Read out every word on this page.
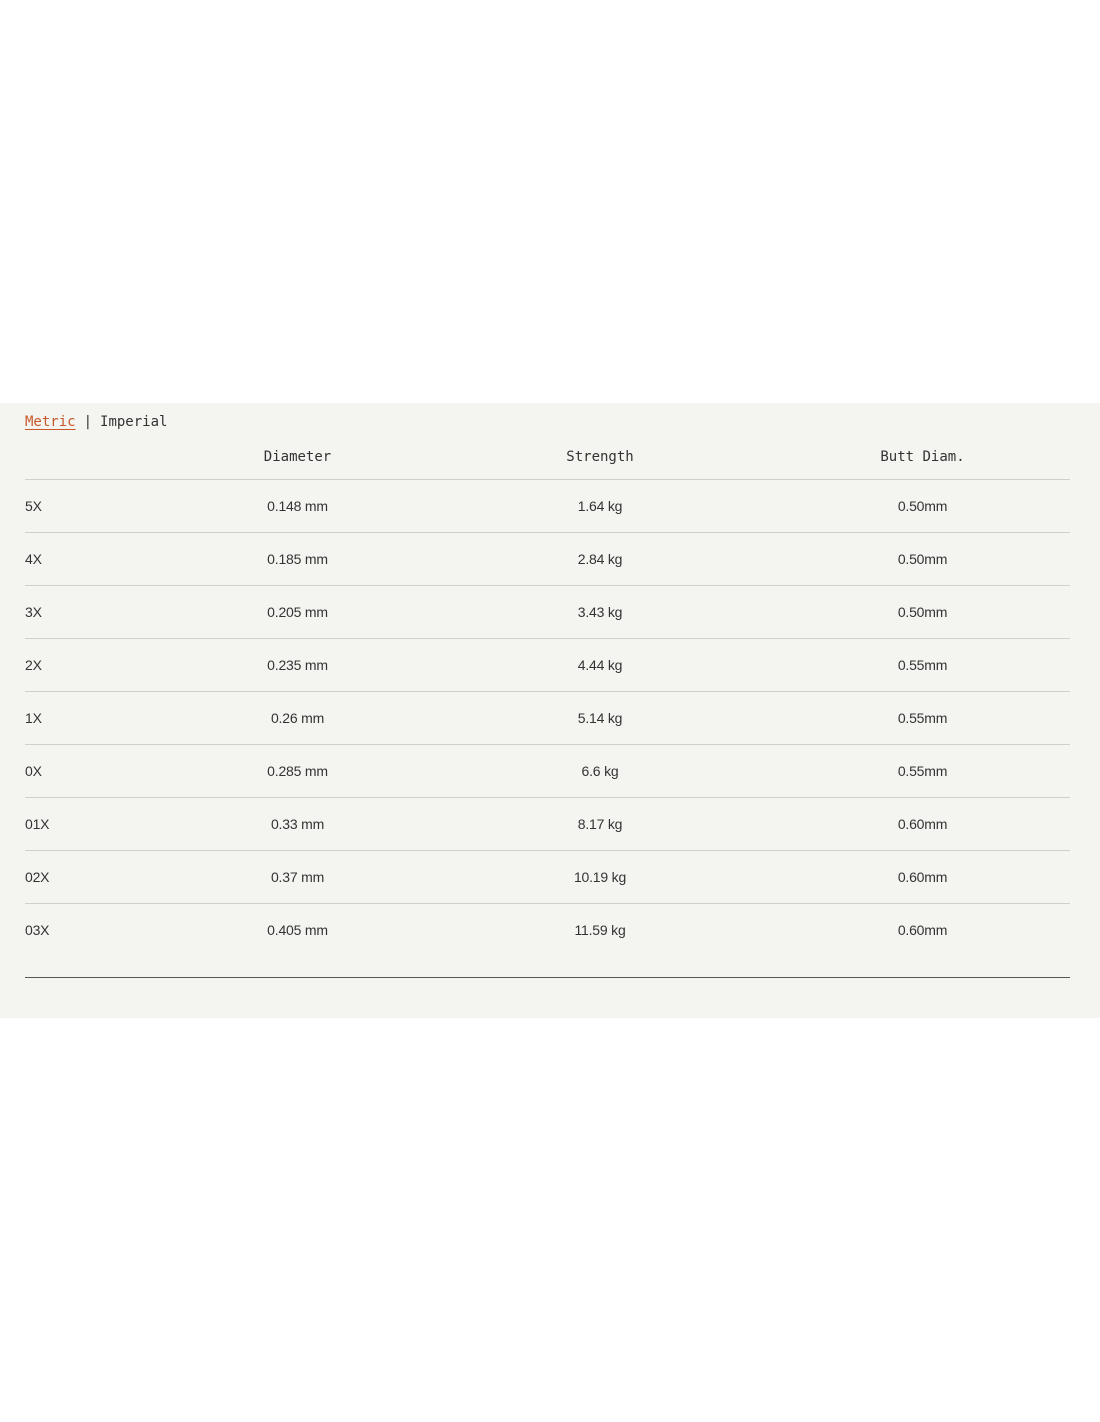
Metric | Imperial
	Diameter	Strength	Butt Diam.
5X	0.148 mm	1.64 kg	0.50mm
4X	0.185 mm	2.84 kg	0.50mm
3X	0.205 mm	3.43 kg	0.50mm
2X	0.235 mm	4.44 kg	0.55mm
1X	0.26 mm	5.14 kg	0.55mm
0X	0.285 mm	6.6 kg	0.55mm
01X	0.33 mm	8.17 kg	0.60mm
02X	0.37 mm	10.19 kg	0.60mm
03X	0.405 mm	11.59 kg	0.60mm
